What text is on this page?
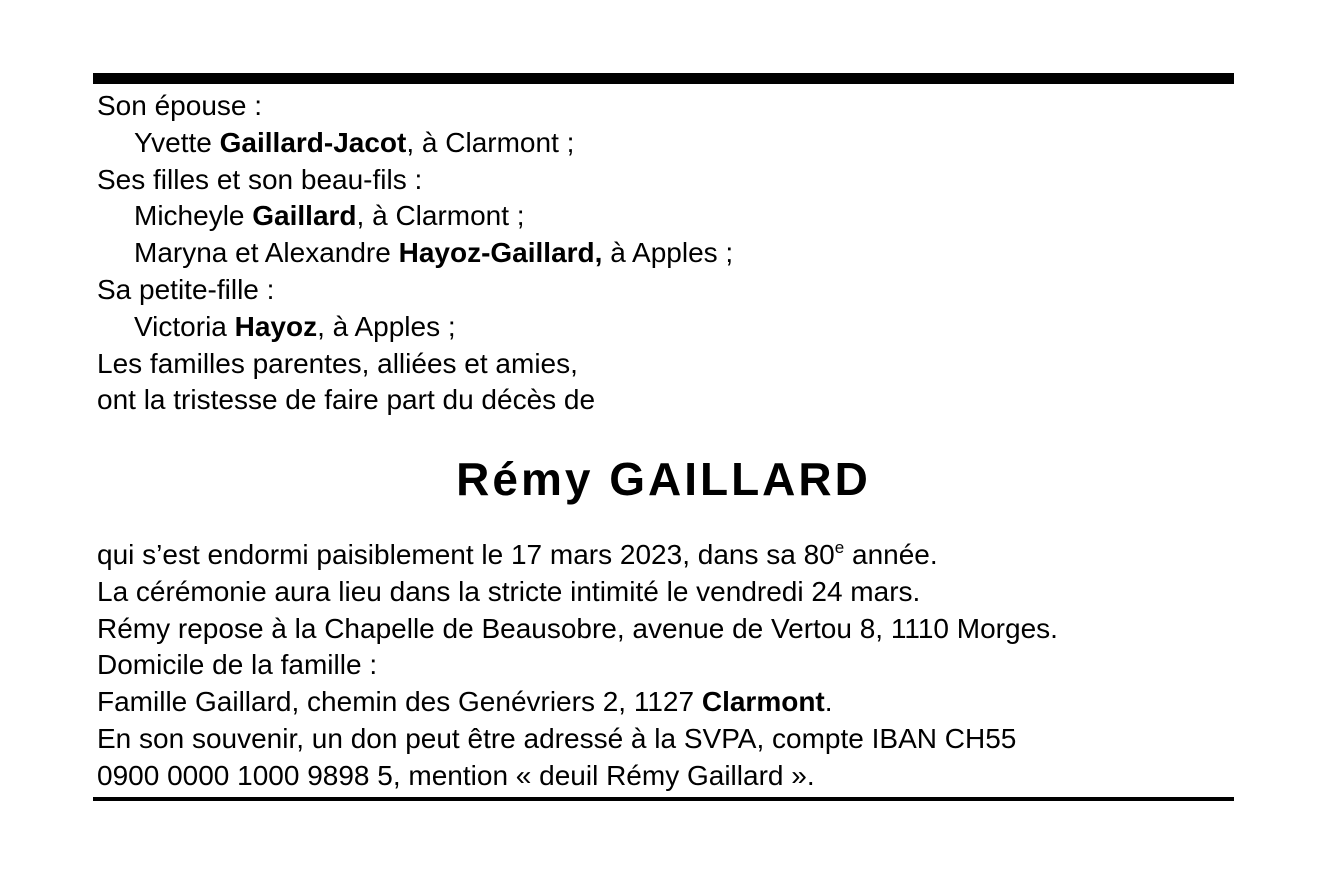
Son épouse :
Yvette Gaillard-Jacot, à Clarmont ;
Ses filles et son beau-fils :
Micheyle Gaillard, à Clarmont ;
Maryna et Alexandre Hayoz-Gaillard, à Apples ;
Sa petite-fille :
Victoria Hayoz, à Apples ;
Les familles parentes, alliées et amies,
ont la tristesse de faire part du décès de
Rémy GAILLARD
qui s’est endormi paisiblement le 17 mars 2023, dans sa 80e année.
La cérémonie aura lieu dans la stricte intimité le vendredi 24 mars.
Rémy repose à la Chapelle de Beausobre, avenue de Vertou 8, 1110 Morges.
Domicile de la famille :
Famille Gaillard, chemin des Genévriers 2, 1127 Clarmont.
En son souvenir, un don peut être adressé à la SVPA, compte IBAN CH55
0900 0000 1000 9898 5, mention « deuil Rémy Gaillard ».
